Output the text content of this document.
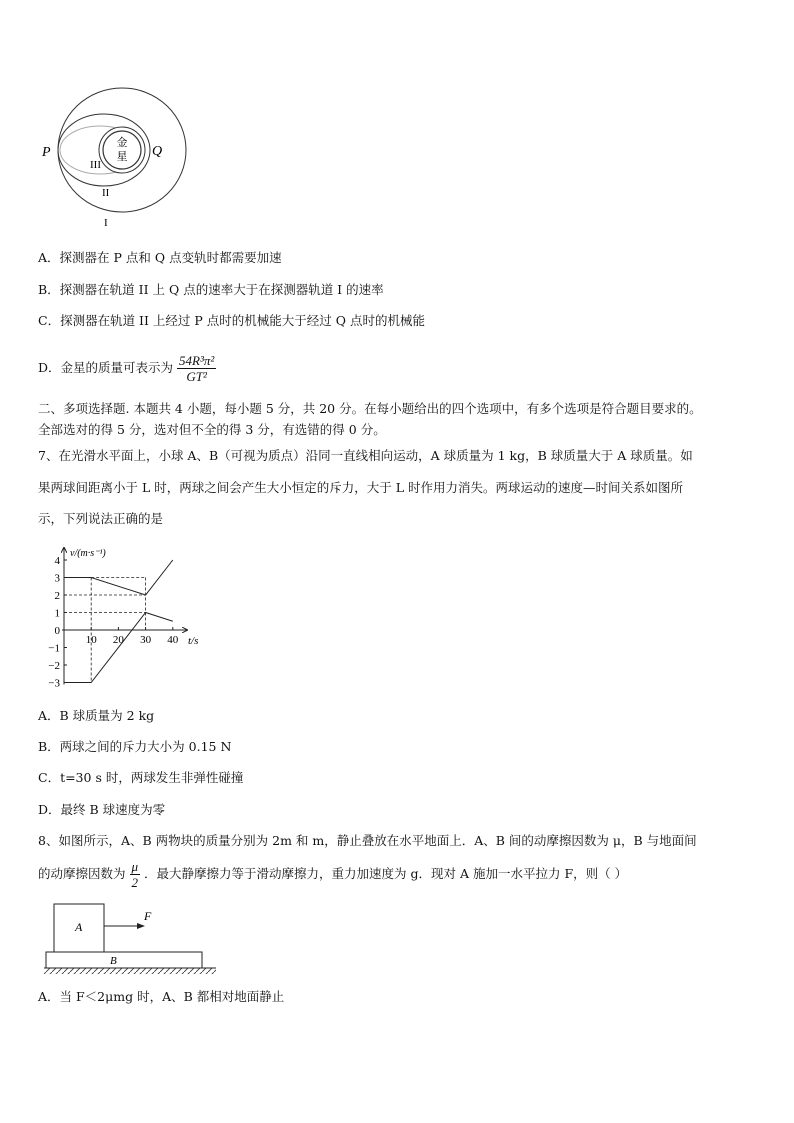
金
星
P	Q
III
II
I
A．探测器在 P 点和 Q 点变轨时都需要加速
B．探测器在轨道 II 上 Q 点的速率大于在探测器轨道 I 的速率
C．探测器在轨道 II 上经过 P 点时的机械能大于经过 Q 点时的机械能
D．金星的质量可表示为 $\frac{\text{54R³π²}}{\text{GT²}}$
二、多项选择题. 本题共 4 小题，每小题 5 分，共 20 分。在每小题给出的四个选项中，有多个选项是符合题目要求的。
全部选对的得 5 分，选对但不全的得 3 分，有选错的得 0 分。
7、在光滑水平面上，小球 A、B（可视为质点）沿同一直线相向运动，A 球质量为 1 kg，B 球质量大于 A 球质量。如
果两球间距离小于 L 时，两球之间会产生大小恒定的斥力，大于 L 时作用力消失。两球运动的速度—时间关系如图所
示，下列说法正确的是
4
3
2
1
0
−1
−2
−3
10 20 30 40
v/(m·s⁻¹)
t/s
A．B 球质量为 2 kg
B．两球之间的斥力大小为 0.15 N
C．t=30 s 时，两球发生非弹性碰撞
D．最终 B 球速度为零
8、如图所示，A、B 两物块的质量分别为 2m 和 m，静止叠放在水平地面上．A、B 间的动摩擦因数为 μ，B 与地面间
的动摩擦因数为 $\frac{\mu}{2}$ ．最大静摩擦力等于滑动摩擦力，重力加速度为 g．现对 A 施加一水平拉力 F，则（ ）
A
B
F
A．当 F＜2μmg 时，A、B 都相对地面静止
